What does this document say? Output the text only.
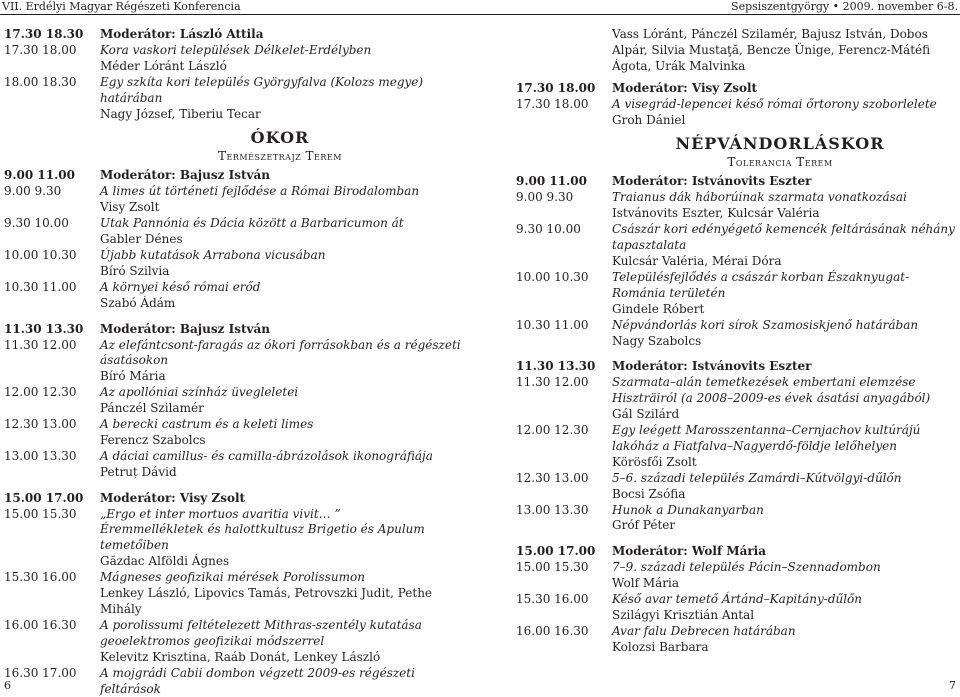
VII. Erdélyi Magyar Régészeti Konferencia	Sepsiszentgyörgy • 2009. november 6-8.
17.30 18.30	Moderátor: László Attila
17.30 18.00	Kora vaskori települések Délkelet-Erdélyben
Méder Lóránt László
18.00 18.30	Egy szkíta kori település Györgyfalva (Kolozs megye) határában
Nagy József, Tiberiu Tecar
ÓKOR
Természetrajz Terem
9.00 11.00	Moderátor: Bajusz István
9.00 9.30	A limes út történeti fejlődése a Római Birodalomban
Visy Zsolt
9.30 10.00	Utak Pannónia és Dácia között a Barbaricumon át
Gabler Dénes
10.00 10.30	Újabb kutatások Arrabona vicusában
Bíró Szilvia
10.30 11.00	A környei késő római erőd
Szabó Ádám
11.30 13.30	Moderátor: Bajusz István
11.30 12.00	Az elefántcsont-faragás az ókori forrásokban és a régészeti ásatásokon
Bíró Mária
12.00 12.30	Az apollóniai színház üvegleletei
Pánczél Szilamér
12.30 13.00	A berecki castrum és a keleti limes
Ferencz Szabolcs
13.00 13.30	A dáciai camillus- és camilla-ábrázolások ikonográfiája
Petruț Dávid
15.00 17.00	Moderátor: Visy Zsolt
15.00 15.30	„Ergo et inter mortuos avaritia vivit… ”
Éremmellékletek és halottkultusz Brigetio és Apulum temetőiben
Găzdac Alföldi Ágnes
15.30 16.00	Mágneses geofizikai mérések Porolissumon
Lenkey László, Lipovics Tamás, Petrovszki Judit, Pethe Mihály
16.00 16.30	A porolissumi feltételezett Mithras-szentély kutatása geoelektromos geofizikai módszerrel
Kelevitz Krisztina, Raáb Donát, Lenkey László
16.30 17.00	A mojgrádi Cabii dombon végzett 2009-es régészeti feltárások
Vass Lóránt, Pánczél Szilamér, Bajusz István, Dobos Alpár, Silvia Mustaţă, Bencze Ünige, Ferencz-Mátéfi Ágota, Urák Malvinka
17.30 18.00	Moderátor: Visy Zsolt
17.30 18.00	A visegrád-lepencei késő római őrtorony szoborlelete
Groh Dániel
NÉPVÁNDORLÁSKOR
Tolerancia Terem
9.00 11.00	Moderátor: Istvánovits Eszter
9.00 9.30	Traianus dák háborúinak szarmata vonatkozásai
Istvánovits Eszter, Kulcsár Valéria
9.30 10.00	Császár kori edényégető kemencék feltárásának néhány tapasztalata
Kulcsár Valéria, Mérai Dóra
10.00 10.30	Településfejlődés a császár korban Északnyugat-Románia területén
Gindele Róbert
10.30 11.00	Népvándorlás kori sírok Szamosiskjenő határában
Nagy Szabolcs
11.30 13.30	Moderátor: Istvánovits Eszter
11.30 12.00	Szarmata–alán temetkezések embertani elemzése Hiszträiról (a 2008–2009-es évek ásatási anyagából)
Gál Szilárd
12.00 12.30	Egy leégett Marosszentanna–Cernjachov kultúrájú lakóház a Fiatfalva–Nagyerdő-földje lelőhelyen
Körösfői Zsolt
12.30 13.00	5–6. századi település Zamárdi–Kútvölgyi-dűlőn
Bocsi Zsófia
13.00 13.30	Hunok a Dunakanyarban
Gróf Péter
15.00 17.00	Moderátor: Wolf Mária
15.00 15.30	7–9. századi település Pácin–Szennadombon
Wolf Mária
15.30 16.00	Késő avar temető Ártánd–Kapitány-dűlőn
Szilágyi Krisztián Antal
16.00 16.30	Avar falu Debrecen határában
Kolozsi Barbara
6	7
